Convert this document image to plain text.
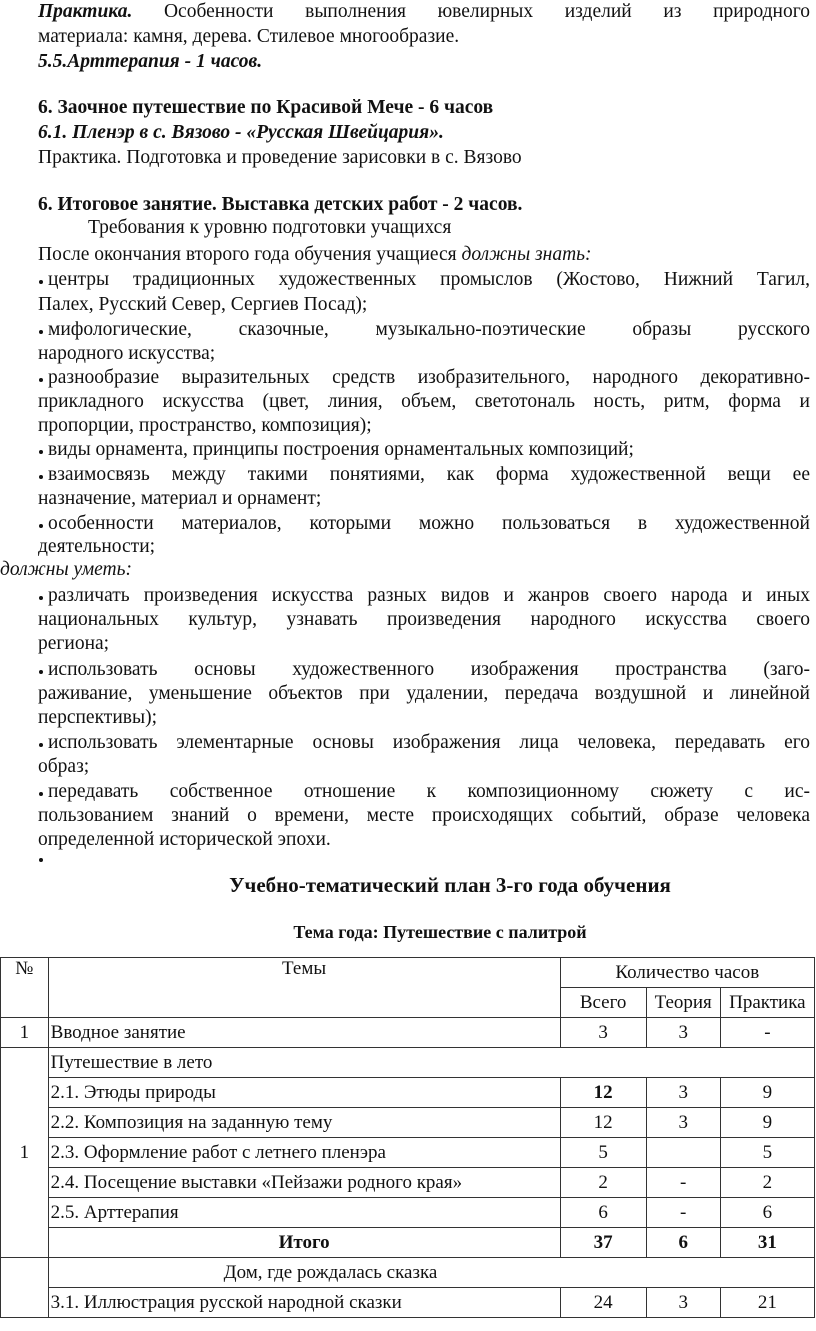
Практика. Особенности выполнения ювелирных изделий из природного
материала: камня, дерева. Стилевое многообразие.
5.5.Арттерапия - 1 часов.
6. Заочное путешествие по Красивой Мече - 6 часов
6.1. Пленэр в с. Вязово - «Русская Швейцария».
Практика. Подготовка и проведение зарисовки в с. Вязово
6. Итоговое занятие. Выставка детских работ - 2 часов.
Требования к уровню подготовки учащихся
После окончания второго года обучения учащиеся должны знать:
центры традиционных художественных промыслов (Жостово, Нижний Тагил,
Палех, Русский Север, Сергиев Посад);
мифологические, сказочные, музыкально-поэтические образы русского
народного искусства;
разнообразие выразительных средств изобразительного, народного декоративно-
прикладного искусства (цвет, линия, объем, светотональ ность, ритм, форма и
пропорции, пространство, композиция);
виды орнамента, принципы построения орнаментальных композиций;
взаимосвязь между такими понятиями, как форма художественной вещи ее
назначение, материал и орнамент;
особенности материалов, которыми можно пользоваться в художественной
деятельности;
должны уметь:
различать произведения искусства разных видов и жанров своего народа и иных
национальных культур, узнавать произведения народного искусства своего
региона;
использовать основы художественного изображения пространства (заго-
раживание, уменьшение объектов при удалении, передача воздушной и линейной
перспективы);
использовать элементарные основы изображения лица человека, передавать его
образ;
передавать собственное отношение к композиционному сюжету с ис-
пользованием знаний о времени, месте происходящих событий, образе человека
определенной исторической эпохи.
Учебно-тематический план 3-го года обучения
Тема года: Путешествие с палитрой
№	Темы	Количество часов		
		Всего	Теория	Практика
1	Вводное занятие	3	3	-
1	Путешествие в лето			
	2.1. Этюды природы	12	3	9
	2.2. Композиция на заданную тему	12	3	9
	2.3. Оформление работ с летнего пленэра	5		5
	2.4. Посещение выставки «Пейзажи родного края»	2	-	2
	2.5. Арттерапия	6	-	6
	Итого	37	6	31
	Дом, где рождалась сказка			
	3.1. Иллюстрация русской народной сказки	24	3	21
